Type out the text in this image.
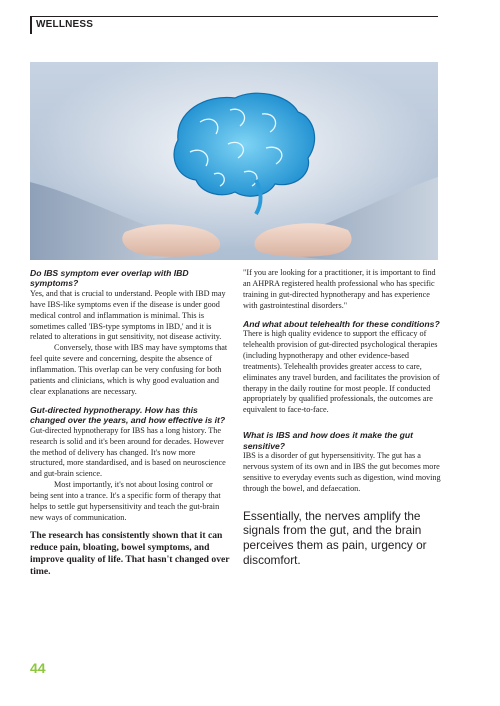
WELLNESS
Do IBS symptom ever overlap with IBD symptoms?

Yes, and that is crucial to understand. People with IBD may have IBS-like symptoms even if the disease is under good medical control and inflammation is minimal. This is sometimes called 'IBS-type symptoms in IBD,' and it is related to alterations in gut sensitivity, not disease activity.

Conversely, those with IBS may have symptoms that feel quite severe and concerning, despite the absence of inflammation. This overlap can be very confusing for both patients and clinicians, which is why good evaluation and clear explanations are necessary.

Gut-directed hypnotherapy. How has this changed over the years, and how effective is it?

Gut-directed hypnotherapy for IBS has a long history. The research is solid and it's been around for decades. However the method of delivery has changed. It's now more structured, more standardised, and is based on neuroscience and gut-brain science.

Most importantly, it's not about losing control or being sent into a trance. It's a specific form of therapy that helps to settle gut hypersensitivity and teach the gut-brain new ways of communication.

The research has consistently shown that it can reduce pain, bloating, bowel symptoms, and improve quality of life. That hasn't changed over time.

"If you are looking for a practitioner, it is important to find an AHPRA registered health professional who has specific training in gut-directed hypnotherapy and has experience with gastrointestinal disorders."

And what about telehealth for these conditions?

There is high quality evidence to support the efficacy of telehealth provision of gut-directed psychological therapies (including hypnotherapy and other evidence-based treatments). Telehealth provides greater access to care, eliminates any travel burden, and facilitates the provision of therapy in the daily routine for most people. If conducted appropriately by qualified professionals, the outcomes are equivalent to face-to-face.

What is IBS and how does it make the gut sensitive?

IBS is a disorder of gut hypersensitivity. The gut has a nervous system of its own and in IBS the gut becomes more sensitive to everyday events such as digestion, wind moving through the bowel, and defaecation.

Essentially, the nerves amplify the signals from the gut, and the brain perceives them as pain, urgency or discomfort.

44
